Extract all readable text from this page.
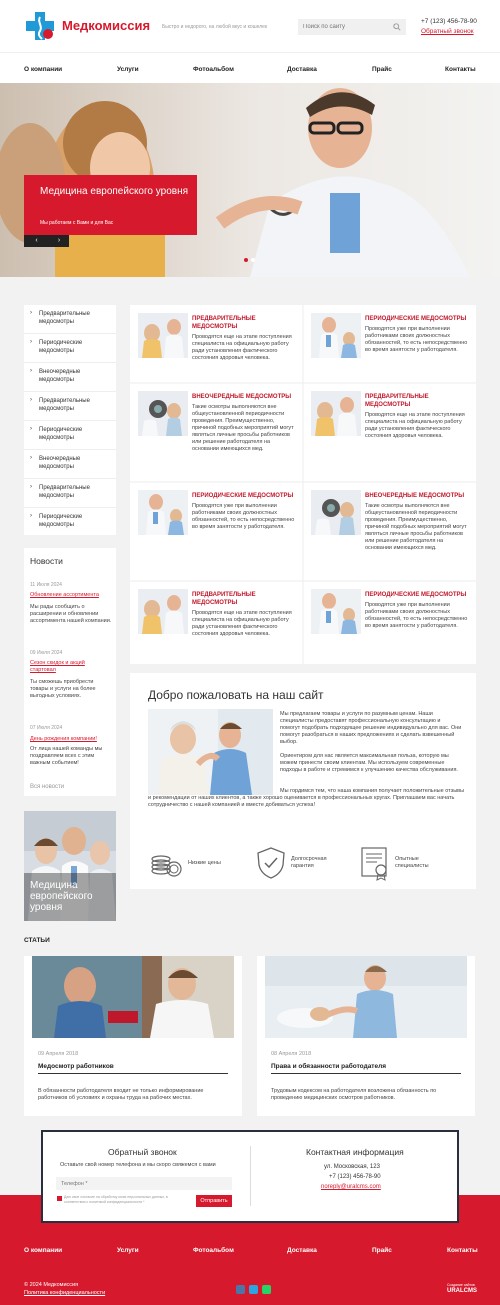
Медкомиссия Быстро и недорого, на любой вкус и кошелек
Поиск по сайту
+7 (123) 456-78-90
Обратный звонок
О компании	Услуги	Фотоальбом	Доставка	Прайс	Контакты
Медицина европейского уровня
Мы работаем с Вами и для Вас
‹	›
› Предварительные медосмотры
› Периодические медосмотры
› Внеочередные медосмотры
› Предварительные медосмотры
› Периодические медосмотры
› Внеочередные медосмотры
› Предварительные медосмотры
› Периодические медосмотры
Новости
11 Июля 2024
Обновление ассортимента
Мы рады сообщить о расширении и обновлении ассортимента нашей компании.
09 Июля 2024
Сезон скидок и акций стартовал
Ты сможешь приобрести товары и услуги на более выгодных условиях.
07 Июля 2024
День рождения компании!
От лица нашей команды мы поздравляем всех с этим важным событием!
Вся новости
Медицина европейского уровня
ПРЕДВАРИТЕЛЬНЫЕ МЕДОСМОТРЫ
Проводятся еще на этапе поступления специалиста на официальную работу ради установления фактического состояния здоровья человека.
ПЕРИОДИЧЕСКИЕ МЕДОСМОТРЫ
Проводятся уже при выполнении работниками своих должностных обязанностей, то есть непосредственно во время занятости у работодателя.
ВНЕОЧЕРЕДНЫЕ МЕДОСМОТРЫ
Такие осмотры выполняются вне общеустановленной периодичности проведения. Преимущественно, причиной подобных мероприятий могут являться личные просьбы работников или решение работодателя на основании имеющихся мед.
ПРЕДВАРИТЕЛЬНЫЕ МЕДОСМОТРЫ
Проводятся еще на этапе поступления специалиста на официальную работу ради установления фактического состояния здоровья человека.
ПЕРИОДИЧЕСКИЕ МЕДОСМОТРЫ
Проводятся уже при выполнении работниками своих должностных обязанностей, то есть непосредственно во время занятости у работодателя.
ВНЕОЧЕРЕДНЫЕ МЕДОСМОТРЫ
Такие осмотры выполняются вне общеустановленной периодичности проведения. Преимущественно, причиной подобных мероприятий могут являться личные просьбы работников или решение работодателя на основании имеющихся мед.
ПРЕДВАРИТЕЛЬНЫЕ МЕДОСМОТРЫ
Проводятся еще на этапе поступления специалиста на официальную работу ради установления фактического состояния здоровья человека.
ПЕРИОДИЧЕСКИЕ МЕДОСМОТРЫ
Проводятся уже при выполнении работниками своих должностных обязанностей, то есть непосредственно во время занятости у работодателя.
Добро пожаловать на наш сайт
Мы предлагаем товары и услуги по разумным ценам. Наши специалисты предоставят профессиональную консультацию и помогут подобрать подходящее решение индивидуально для вас. Они помогут разобраться в наших предложениях и сделать взвешенный выбор.
Ориентиром для нас является максимальная польза, которую мы можем принести своим клиентам. Мы используем современные подходы в работе и стремимся к улучшению качества обслуживания.
Мы гордимся тем, что наша компания получает положительные отзывы и рекомендации от наших клиентов, а также хорошо оценивается в профессиональных кругах. Приглашаем вас начать сотрудничество с нашей компанией и вместе добиваться успеха!
Низкие цены
Долгосрочная гарантия
Опытные специалисты
СТАТЬИ
09 Апреля 2018
Медосмотр работников
В обязанности работодателя входит не только информирование работников об условиях и охраны труда на рабочих местах.
08 Апреля 2018
Права и обязанности работодателя
Трудовым кодексом на работодателя возложена обязанность по проведению медицинских осмотров работников.
Обратный звонок
Оставьте свой номер телефона и мы скоро свяжемся с вами
Телефон *
Даю свое согласие на обработку моих персональных данных, в соответствии с политикой конфиденциальности *	Отправить
Контактная информация
ул. Московская, 123
+7 (123) 456-78-90
noreply@uralcms.com
О компании	Услуги	Фотоальбом	Доставка	Прайс	Контакты
© 2024 Медкомиссия
Политика конфиденциальности
Создание сайтов
URALCMS
